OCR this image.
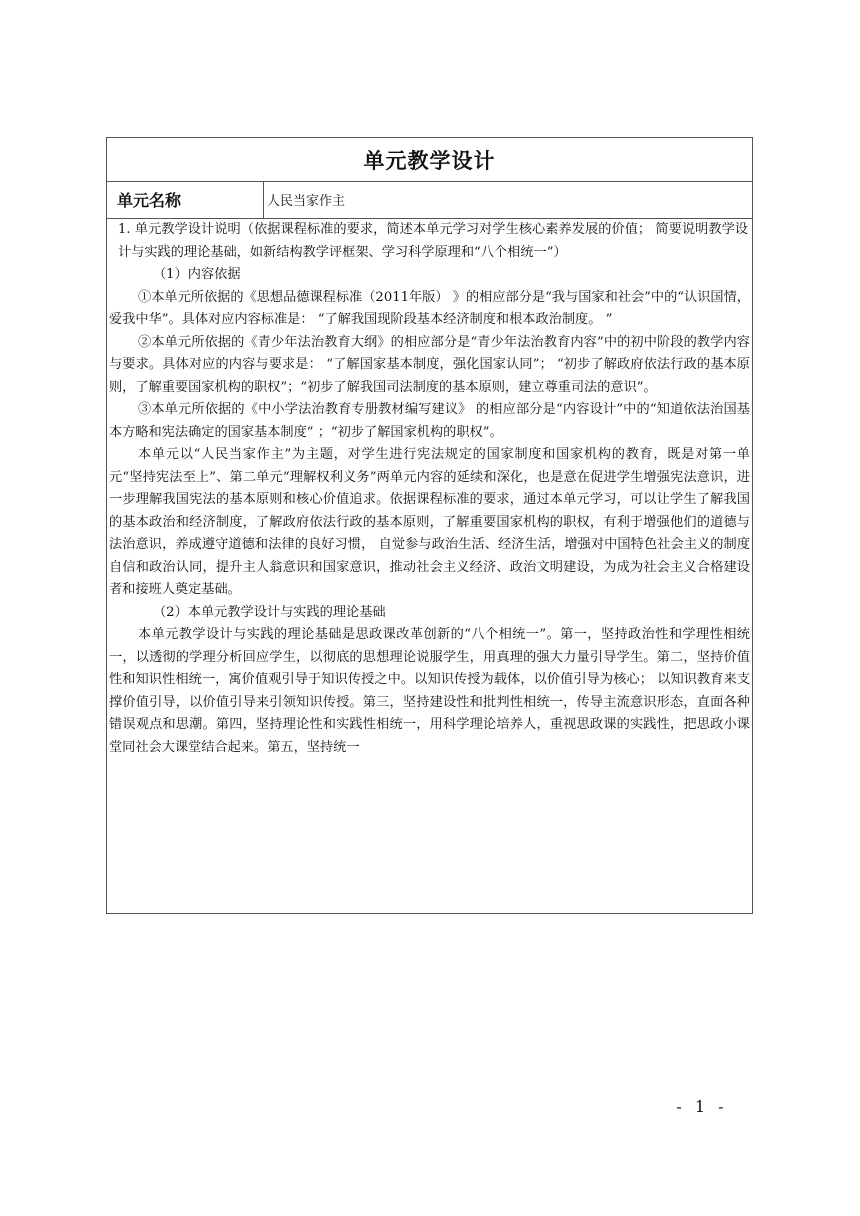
单元教学设计
单元名称	人民当家作主

1. 单元教学设计说明（依据课程标准的要求，简述本单元学习对学生核心素养发展的价值； 简要说明教学设计与实践的理论基础，如新结构教学评框架、学习科学原理和“八个相统一”）

（1）内容依据

①本单元所依据的《思想品德课程标准（2011年版） 》的相应部分是“我与国家和社会”中的“认识国情，爱我中华”。具体对应内容标准是： “了解我国现阶段基本经济制度和根本政治制度。 ”

②本单元所依据的《青少年法治教育大纲》的相应部分是“青少年法治教育内容”中的初中阶段的教学内容与要求。具体对应的内容与要求是： “了解国家基本制度，强化国家认同”； “初步了解政府依法行政的基本原则，了解重要国家机构的职权”；“初步了解我国司法制度的基本原则，建立尊重司法的意识”。

③本单元所依据的《中小学法治教育专册教材编写建议》 的相应部分是“内容设计”中的“知道依法治国基本方略和宪法确定的国家基本制度” ；“初步了解国家机构的职权”。

本单元以“人民当家作主”为主题，对学生进行宪法规定的国家制度和国家机构的教育，既是对第一单元“坚持宪法至上”、第二单元“理解权利义务”两单元内容的延续和深化，也是意在促进学生增强宪法意识，进一步理解我国宪法的基本原则和核心价值追求。依据课程标准的要求，通过本单元学习，可以让学生了解我国的基本政治和经济制度，了解政府依法行政的基本原则，了解重要国家机构的职权，有利于增强他们的道德与法治意识，养成遵守道德和法律的良好习惯， 自觉参与政治生活、经济生活，增强对中国特色社会主义的制度自信和政治认同，提升主人翁意识和国家意识，推动社会主义经济、政治文明建设，为成为社会主义合格建设者和接班人奠定基础。

（2）本单元教学设计与实践的理论基础

本单元教学设计与实践的理论基础是思政课改革创新的“八个相统一”。第一，坚持政治性和学理性相统一，以透彻的学理分析回应学生，以彻底的思想理论说服学生，用真理的强大力量引导学生。第二，坚持价值性和知识性相统一，寓价值观引导于知识传授之中。以知识传授为载体，以价值引导为核心； 以知识教育来支撑价值引导，以价值引导来引领知识传授。第三，坚持建设性和批判性相统一，传导主流意识形态，直面各种错误观点和思潮。第四，坚持理论性和实践性相统一，用科学理论培养人，重视思政课的实践性，把思政小课堂同社会大课堂结合起来。第五，坚持统一

- 1 -
